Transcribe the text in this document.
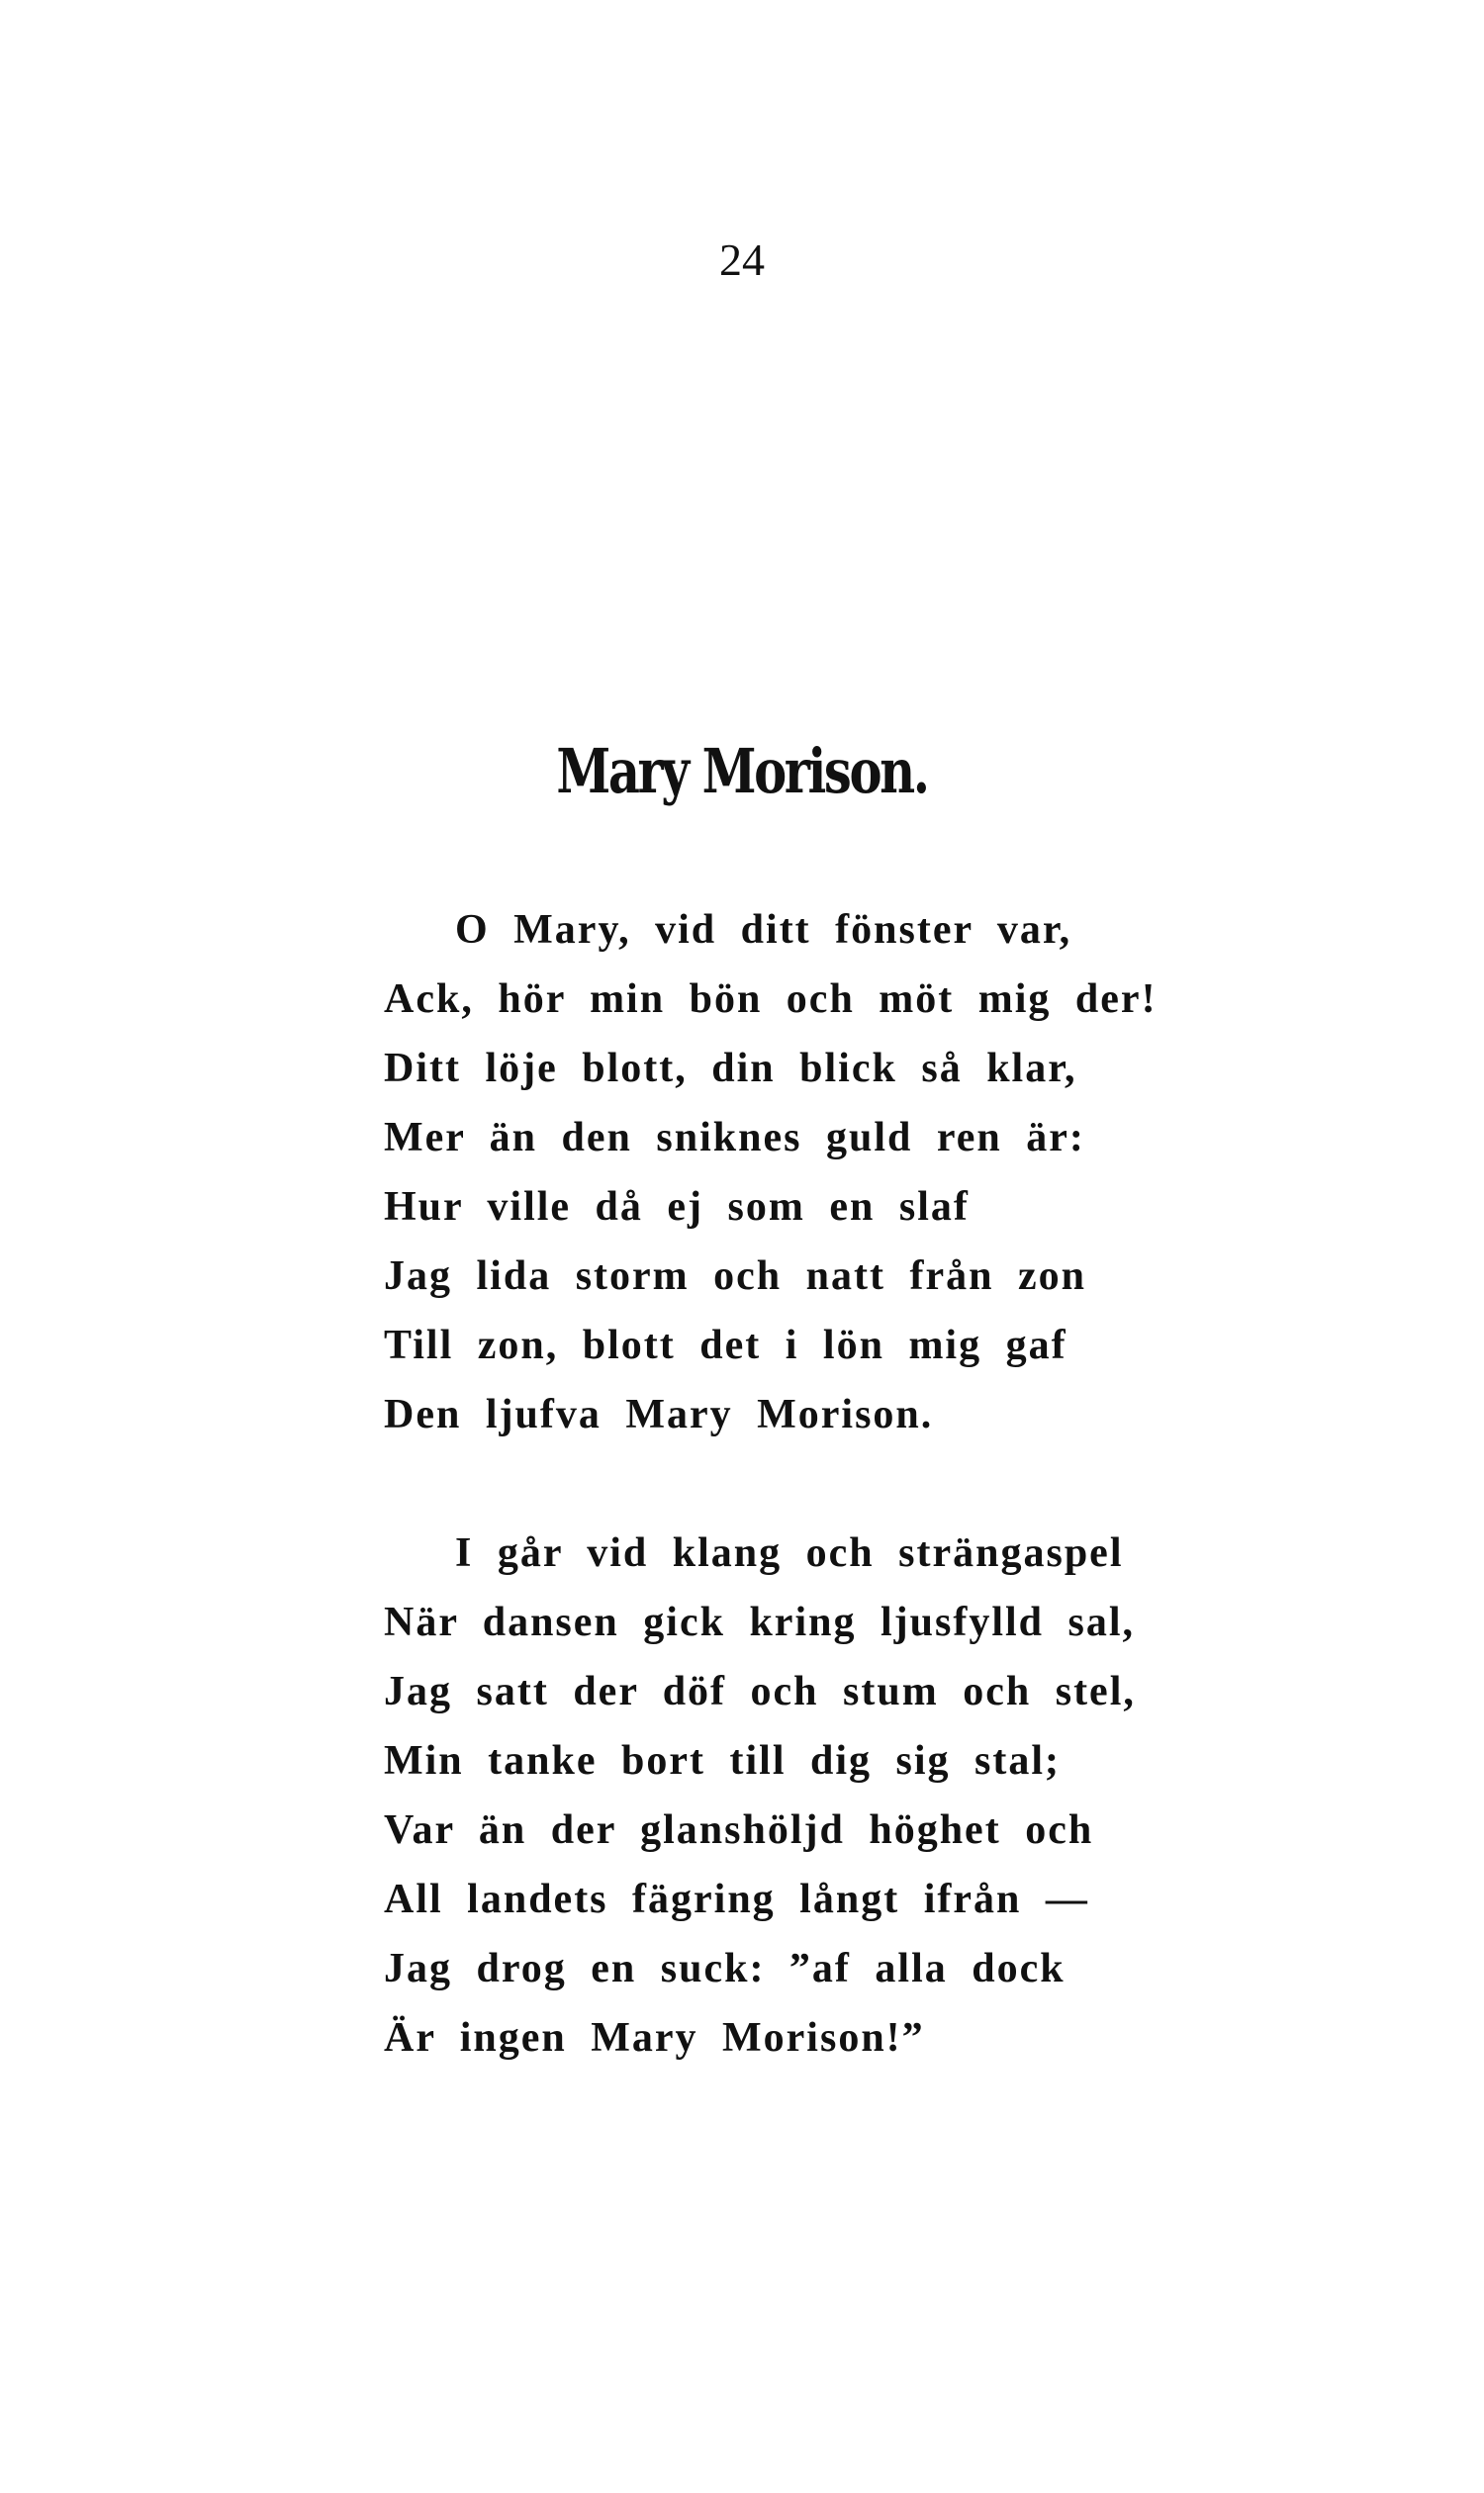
24
Mary Morison.
O Mary, vid ditt fönster var,
Ack, hör min bön och möt mig der!
Ditt löje blott, din blick så klar,
Mer än den sniknes guld ren är:
Hur ville då ej som en slaf
Jag lida storm och natt från zon
Till zon, blott det i lön mig gaf
Den ljufva Mary Morison.
I går vid klang och strängaspel
När dansen gick kring ljusfylld sal,
Jag satt der döf och stum och stel,
Min tanke bort till dig sig stal;
Var än der glanshöljd höghet och
All landets fägring långt ifrån —
Jag drog en suck: ”af alla dock
Är ingen Mary Morison!”
